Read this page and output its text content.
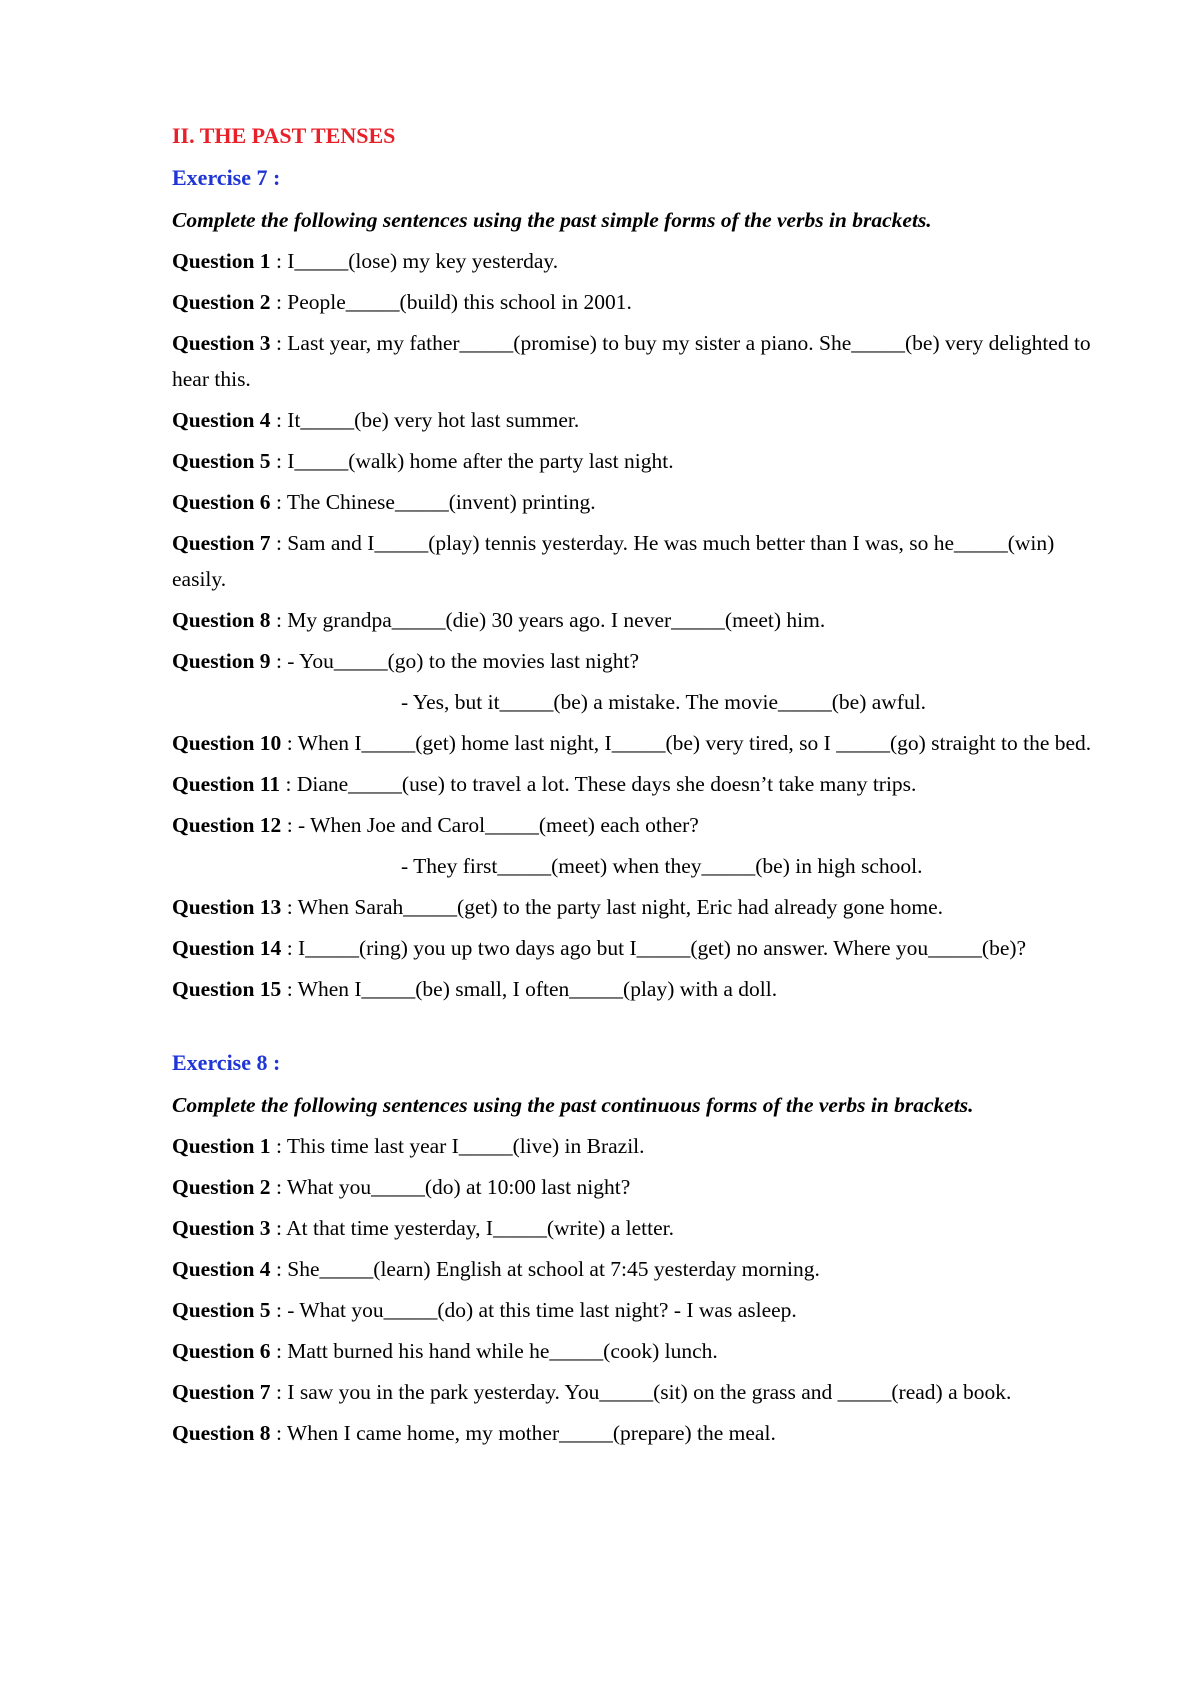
II. THE PAST TENSES
Exercise 7 :
Complete the following sentences using the past simple forms of the verbs in brackets.
Question 1 : I_____(lose) my key yesterday.
Question 2 : People_____(build) this school in 2001.
Question 3 : Last year, my father_____(promise) to buy my sister a piano. She_____(be) very delighted to hear this.
Question 4 : It_____(be) very hot last summer.
Question 5 : I_____(walk) home after the party last night.
Question 6 : The Chinese_____(invent) printing.
Question 7 : Sam and I_____(play) tennis yesterday. He was much better than I was, so he_____(win) easily.
Question 8 : My grandpa_____(die) 30 years ago. I never_____(meet) him.
Question 9 : - You_____(go) to the movies last night?
- Yes, but it_____(be) a mistake. The movie_____(be) awful.
Question 10 : When I_____(get) home last night, I_____(be) very tired, so I _____(go) straight to the bed.
Question 11 : Diane_____(use) to travel a lot. These days she doesn’t take many trips.
Question 12 : - When Joe and Carol_____(meet) each other?
- They first_____(meet) when they_____(be) in high school.
Question 13 : When Sarah_____(get) to the party last night, Eric had already gone home.
Question 14 : I_____(ring) you up two days ago but I_____(get) no answer. Where you_____(be)?
Question 15 : When I_____(be) small, I often_____(play) with a doll.
Exercise 8 :
Complete the following sentences using the past continuous forms of the verbs in brackets.
Question 1 : This time last year I_____(live) in Brazil.
Question 2 : What you_____(do) at 10:00 last night?
Question 3 : At that time yesterday, I_____(write) a letter.
Question 4 : She_____(learn) English at school at 7:45 yesterday morning.
Question 5 : - What you_____(do) at this time last night? - I was asleep.
Question 6 : Matt burned his hand while he_____(cook) lunch.
Question 7 : I saw you in the park yesterday. You_____(sit) on the grass and _____(read) a book.
Question 8 : When I came home, my mother_____(prepare) the meal.
